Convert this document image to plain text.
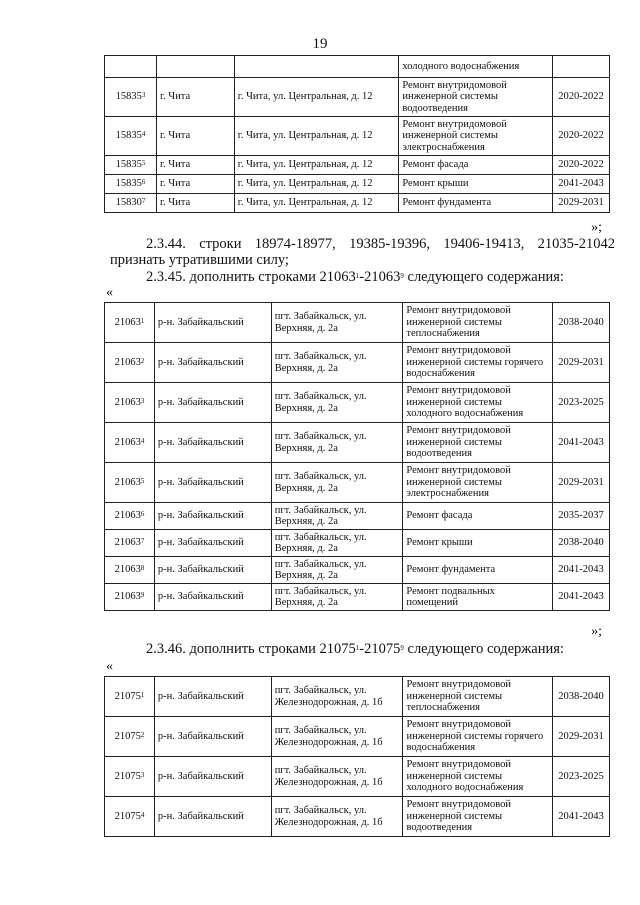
19
			холодного водоснабжения	
15835$^3$	г. Чита	г. Чита, ул. Центральная, д. 12	Ремонт внутридомовой инженерной системы водоотведения	2020-2022
15835$^4$	г. Чита	г. Чита, ул. Центральная, д. 12	Ремонт внутридомовой инженерной системы электроснабжения	2020-2022
15835$^5$	г. Чита	г. Чита, ул. Центральная, д. 12	Ремонт фасада	2020-2022
15835$^6$	г. Чита	г. Чита, ул. Центральная, д. 12	Ремонт крыши	2041-2043
15830$^7$	г. Чита	г. Чита, ул. Центральная, д. 12	Ремонт фундамента	2029-2031
»;
2.3.44. строки 18974-18977, 19385-19396, 19406-19413, 21035-21042 признать утратившими силу;
2.3.45. дополнить строками 21063$^1$-21063$^9$ следующего содержания:
«
21063$^1$	р-н. Забайкальский	пгт. Забайкальск, ул. Верхняя, д. 2а	Ремонт внутридомовой инженерной системы теплоснабжения	2038-2040
21063$^2$	р-н. Забайкальский	пгт. Забайкальск, ул. Верхняя, д. 2а	Ремонт внутридомовой инженерной системы горячего водоснабжения	2029-2031
21063$^3$	р-н. Забайкальский	пгт. Забайкальск, ул. Верхняя, д. 2а	Ремонт внутридомовой инженерной системы холодного водоснабжения	2023-2025
21063$^4$	р-н. Забайкальский	пгт. Забайкальск, ул. Верхняя, д. 2а	Ремонт внутридомовой инженерной системы водоотведения	2041-2043
21063$^5$	р-н. Забайкальский	пгт. Забайкальск, ул. Верхняя, д. 2а	Ремонт внутридомовой инженерной системы электроснабжения	2029-2031
21063$^6$	р-н. Забайкальский	пгт. Забайкальск, ул. Верхняя, д. 2а	Ремонт фасада	2035-2037
21063$^7$	р-н. Забайкальский	пгт. Забайкальск, ул. Верхняя, д. 2а	Ремонт крыши	2038-2040
21063$^8$	р-н. Забайкальский	пгт. Забайкальск, ул. Верхняя, д. 2а	Ремонт фундамента	2041-2043
21063$^9$	р-н. Забайкальский	пгт. Забайкальск, ул. Верхняя, д. 2а	Ремонт подвальных помещений	2041-2043
»;
2.3.46. дополнить строками 21075$^1$-21075$^9$ следующего содержания:
«
21075$^1$	р-н. Забайкальский	пгт. Забайкальск, ул. Железнодорожная, д. 1б	Ремонт внутридомовой инженерной системы теплоснабжения	2038-2040
21075$^2$	р-н. Забайкальский	пгт. Забайкальск, ул. Железнодорожная, д. 1б	Ремонт внутридомовой инженерной системы горячего водоснабжения	2029-2031
21075$^3$	р-н. Забайкальский	пгт. Забайкальск, ул. Железнодорожная, д. 1б	Ремонт внутридомовой инженерной системы холодного водоснабжения	2023-2025
21075$^4$	р-н. Забайкальский	пгт. Забайкальск, ул. Железнодорожная, д. 1б	Ремонт внутридомовой инженерной системы водоотведения	2041-2043
